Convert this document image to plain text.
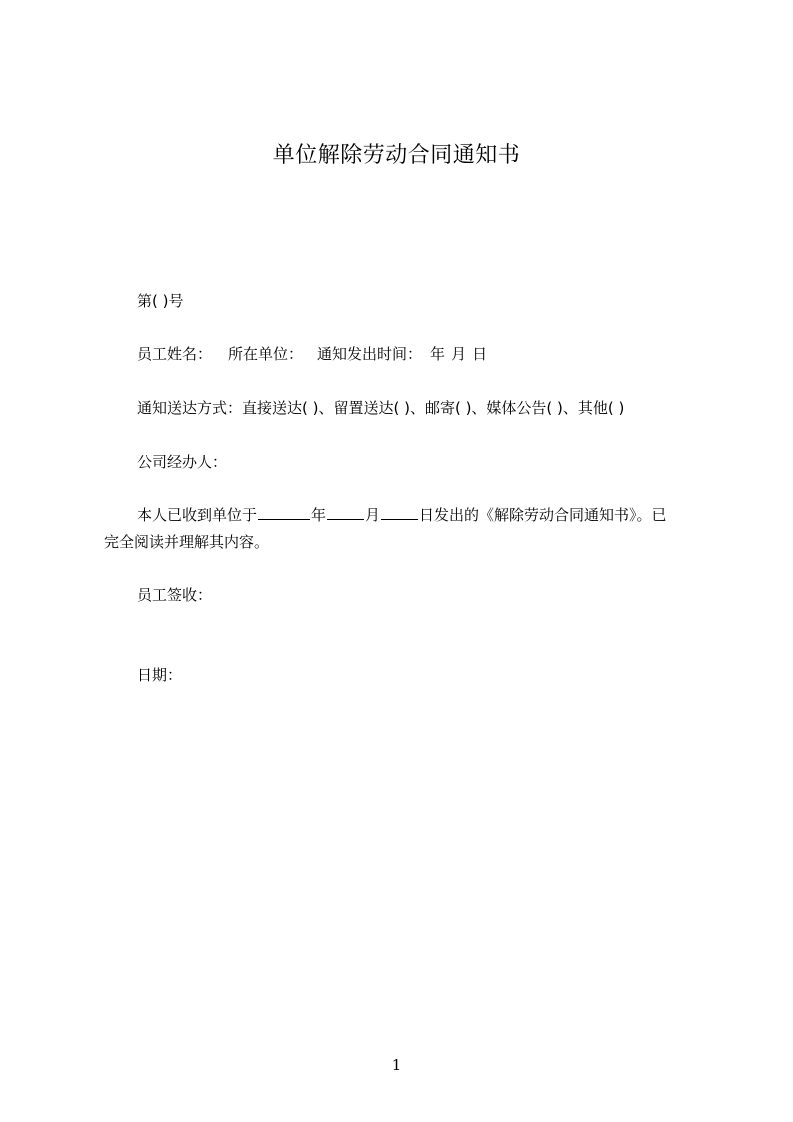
单位解除劳动合同通知书
第( )号
员工姓名： 所在单位： 通知发出时间： 年 月 日
通知送达方式：直接送达( )、留置送达( )、邮寄( )、媒体公告( )、其他( )
公司经办人：
本人已收到单位于	年	月	日发出的《解除劳动合同通知书》。已
完全阅读并理解其内容。
员工签收：
日期：
1
